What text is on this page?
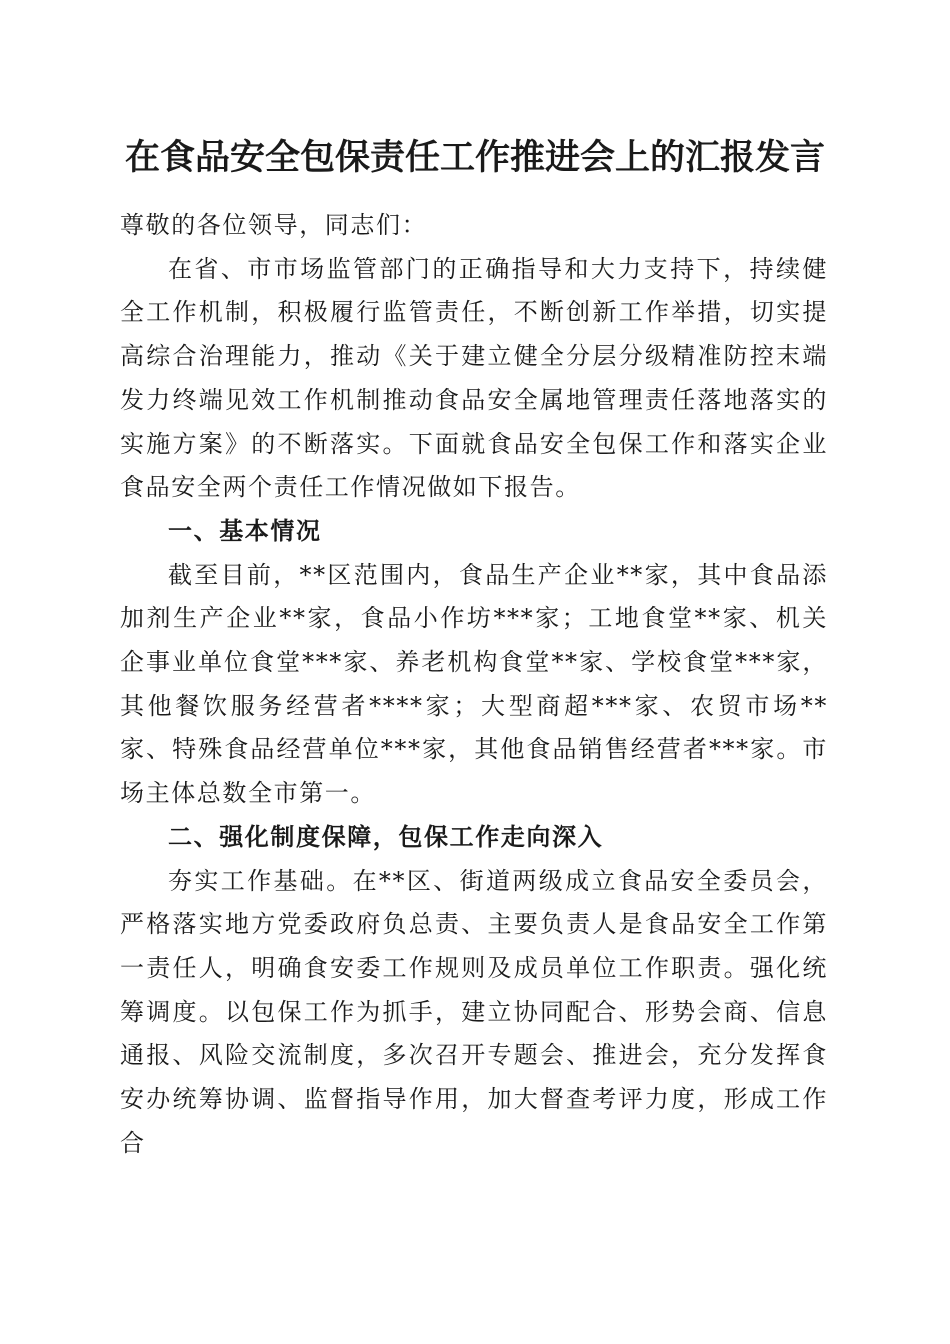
在食品安全包保责任工作推进会上的汇报发言

尊敬的各位领导，同志们：

在省、市市场监管部门的正确指导和大力支持下，持续健全工作机制，积极履行监管责任，不断创新工作举措，切实提高综合治理能力，推动《关于建立健全分层分级精准防控末端发力终端见效工作机制推动食品安全属地管理责任落地落实的实施方案》的不断落实。下面就食品安全包保工作和落实企业食品安全两个责任工作情况做如下报告。

一、基本情况

截至目前，**区范围内，食品生产企业**家，其中食品添加剂生产企业**家，食品小作坊***家；工地食堂**家、机关企事业单位食堂***家、养老机构食堂**家、学校食堂***家，其他餐饮服务经营者****家；大型商超***家、农贸市场**家、特殊食品经营单位***家，其他食品销售经营者***家。市场主体总数全市第一。

二、强化制度保障，包保工作走向深入

夯实工作基础。在**区、街道两级成立食品安全委员会，严格落实地方党委政府负总责、主要负责人是食品安全工作第一责任人，明确食安委工作规则及成员单位工作职责。强化统筹调度。以包保工作为抓手，建立协同配合、形势会商、信息通报、风险交流制度，多次召开专题会、推进会，充分发挥食安办统筹协调、监督指导作用，加大督查考评力度，形成工作合
